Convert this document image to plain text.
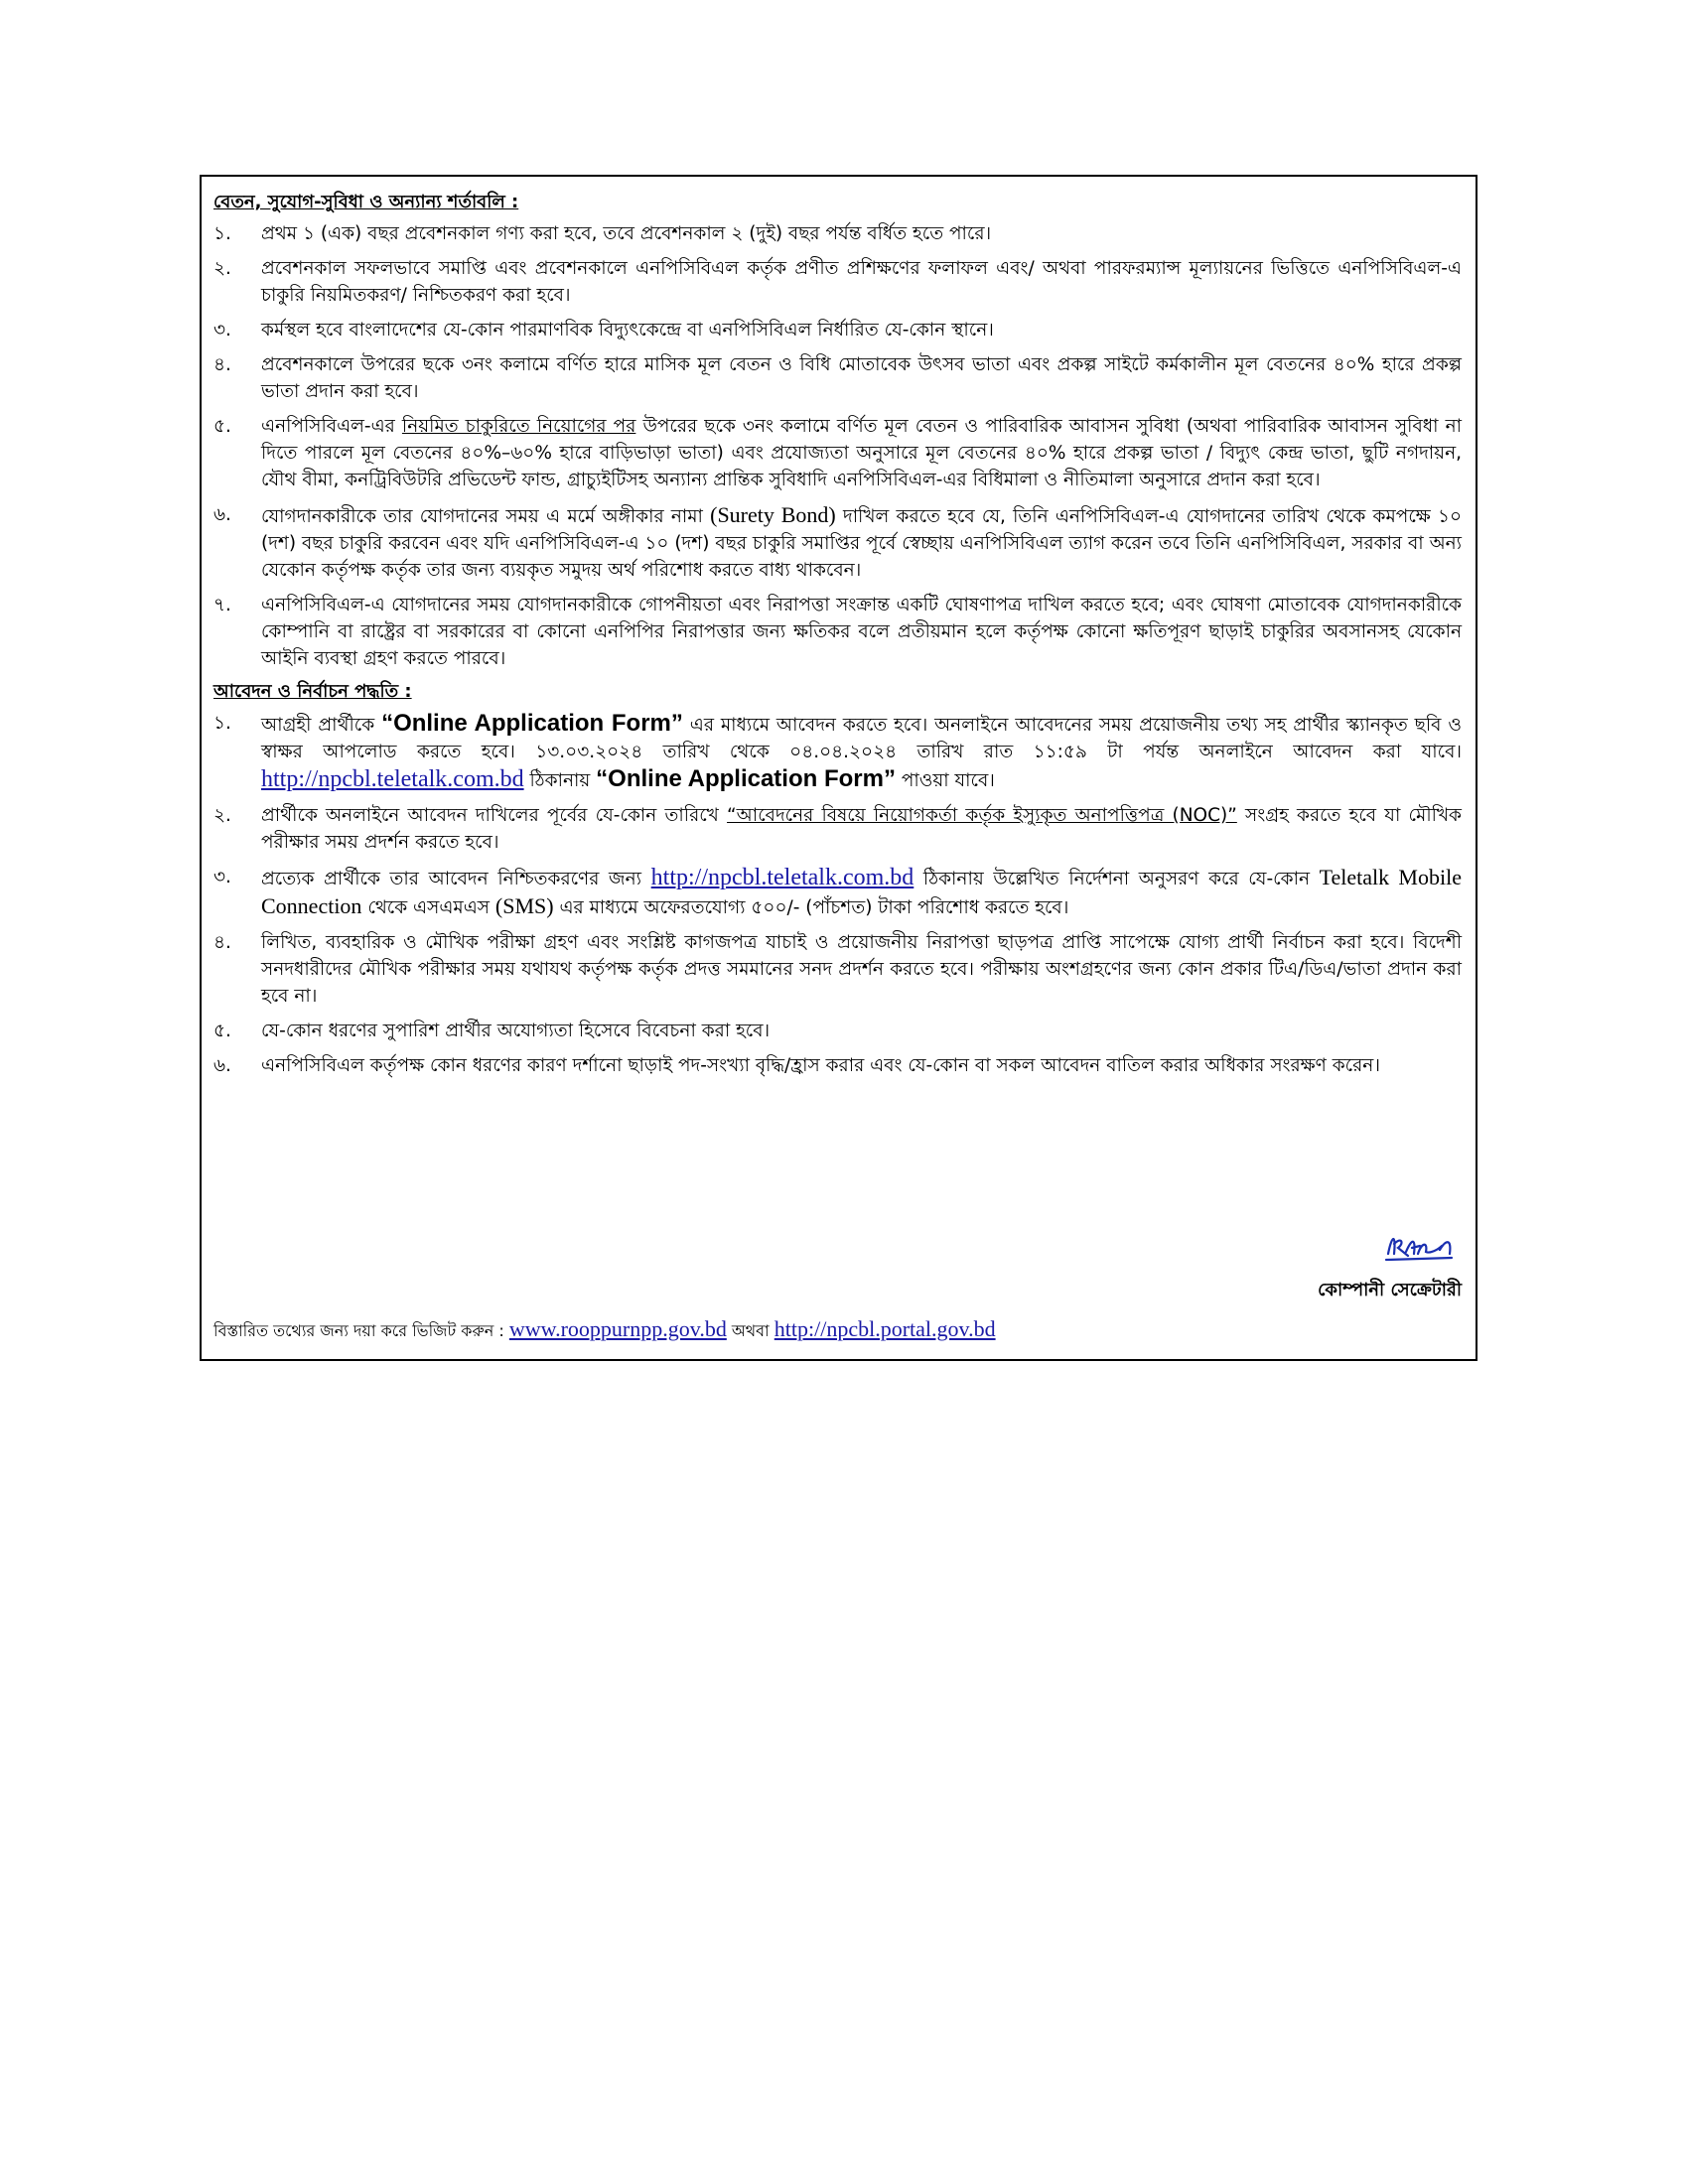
বেতন, সুযোগ-সুবিধা ও অন্যান্য শর্তাবলি :
১.	প্রথম ১ (এক) বছর প্রবেশনকাল গণ্য করা হবে, তবে প্রবেশনকাল ২ (দুই) বছর পর্যন্ত বর্ধিত হতে পারে।
২.	প্রবেশনকাল সফলভাবে সমাপ্তি এবং প্রবেশনকালে এনপিসিবিএল কর্তৃক প্রণীত প্রশিক্ষণের ফলাফল এবং/ অথবা পারফরম্যান্স মূল্যায়নের ভিত্তিতে এনপিসিবিএল-এ চাকুরি নিয়মিতকরণ/ নিশ্চিতকরণ করা হবে।
৩.	কর্মস্থল হবে বাংলাদেশের যে-কোন পারমাণবিক বিদ্যুৎকেন্দ্রে বা এনপিসিবিএল নির্ধারিত যে-কোন স্থানে।
৪.	প্রবেশনকালে উপরের ছকে ৩নং কলামে বর্ণিত হারে মাসিক মূল বেতন ও বিধি মোতাবেক উৎসব ভাতা এবং প্রকল্প সাইটে কর্মকালীন মূল বেতনের ৪০% হারে প্রকল্প ভাতা প্রদান করা হবে।
৫.	এনপিসিবিএল-এর নিয়মিত চাকুরিতে নিয়োগের পর উপরের ছকে ৩নং কলামে বর্ণিত মূল বেতন ও পারিবারিক আবাসন সুবিধা (অথবা পারিবারিক আবাসন সুবিধা না দিতে পারলে মূল বেতনের ৪০%–৬০% হারে বাড়িভাড়া ভাতা) এবং প্রযোজ্যতা অনুসারে মূল বেতনের ৪০% হারে প্রকল্প ভাতা / বিদ্যুৎ কেন্দ্র ভাতা, ছুটি নগদায়ন, যৌথ বীমা, কনট্রিবিউটরি প্রভিডেন্ট ফান্ড, গ্রাচ্যুইটিসহ অন্যান্য প্রান্তিক সুবিধাদি এনপিসিবিএল-এর বিধিমালা ও নীতিমালা অনুসারে প্রদান করা হবে।
৬.	যোগদানকারীকে তার যোগদানের সময় এ মর্মে অঙ্গীকার নামা (Surety Bond) দাখিল করতে হবে যে, তিনি এনপিসিবিএল-এ যোগদানের তারিখ থেকে কমপক্ষে ১০ (দশ) বছর চাকুরি করবেন এবং যদি এনপিসিবিএল-এ ১০ (দশ) বছর চাকুরি সমাপ্তির পূর্বে স্বেচ্ছায় এনপিসিবিএল ত্যাগ করেন তবে তিনি এনপিসিবিএল, সরকার বা অন্য যেকোন কর্তৃপক্ষ কর্তৃক তার জন্য ব্যয়কৃত সমুদয় অর্থ পরিশোধ করতে বাধ্য থাকবেন।
৭.	এনপিসিবিএল-এ যোগদানের সময় যোগদানকারীকে গোপনীয়তা এবং নিরাপত্তা সংক্রান্ত একটি ঘোষণাপত্র দাখিল করতে হবে; এবং ঘোষণা মোতাবেক যোগদানকারীকে কোম্পানি বা রাষ্ট্রের বা সরকারের বা কোনো এনপিপির নিরাপত্তার জন্য ক্ষতিকর বলে প্রতীয়মান হলে কর্তৃপক্ষ কোনো ক্ষতিপূরণ ছাড়াই চাকুরির অবসানসহ যেকোন আইনি ব্যবস্থা গ্রহণ করতে পারবে।
আবেদন ও নির্বাচন পদ্ধতি :
১.	আগ্রহী প্রার্থীকে “Online Application Form” এর মাধ্যমে আবেদন করতে হবে। অনলাইনে আবেদনের সময় প্রয়োজনীয় তথ্য সহ প্রার্থীর স্ক্যানকৃত ছবি ও স্বাক্ষর আপলোড করতে হবে। ১৩.০৩.২০২৪ তারিখ থেকে ০৪.০৪.২০২৪ তারিখ রাত ১১:৫৯ টা পর্যন্ত অনলাইনে আবেদন করা যাবে। http://npcbl.teletalk.com.bd ঠিকানায় “Online Application Form” পাওয়া যাবে।
২.	প্রার্থীকে অনলাইনে আবেদন দাখিলের পূর্বের যে-কোন তারিখে “আবেদনের বিষয়ে নিয়োগকর্তা কর্তৃক ইস্যুকৃত অনাপত্তিপত্র (NOC)” সংগ্রহ করতে হবে যা মৌখিক পরীক্ষার সময় প্রদর্শন করতে হবে।
৩.	প্রত্যেক প্রার্থীকে তার আবেদন নিশ্চিতকরণের জন্য http://npcbl.teletalk.com.bd ঠিকানায় উল্লেখিত নির্দেশনা অনুসরণ করে যে-কোন Teletalk Mobile Connection থেকে এসএমএস (SMS) এর মাধ্যমে অফেরতযোগ্য ৫০০/- (পাঁচশত) টাকা পরিশোধ করতে হবে।
৪.	লিখিত, ব্যবহারিক ও মৌখিক পরীক্ষা গ্রহণ এবং সংশ্লিষ্ট কাগজপত্র যাচাই ও প্রয়োজনীয় নিরাপত্তা ছাড়পত্র প্রাপ্তি সাপেক্ষে যোগ্য প্রার্থী নির্বাচন করা হবে। বিদেশী সনদধারীদের মৌখিক পরীক্ষার সময় যথাযথ কর্তৃপক্ষ কর্তৃক প্রদত্ত সমমানের সনদ প্রদর্শন করতে হবে। পরীক্ষায় অংশগ্রহণের জন্য কোন প্রকার টিএ/ডিএ/ভাতা প্রদান করা হবে না।
৫.	যে-কোন ধরণের সুপারিশ প্রার্থীর অযোগ্যতা হিসেবে বিবেচনা করা হবে।
৬.	এনপিসিবিএল কর্তৃপক্ষ কোন ধরণের কারণ দর্শানো ছাড়াই পদ-সংখ্যা বৃদ্ধি/হ্রাস করার এবং যে-কোন বা সকল আবেদন বাতিল করার অধিকার সংরক্ষণ করেন।
কোম্পানী সেক্রেটারী
বিস্তারিত তথ্যের জন্য দয়া করে ভিজিট করুন : www.rooppurnpp.gov.bd অথবা http://npcbl.portal.gov.bd
